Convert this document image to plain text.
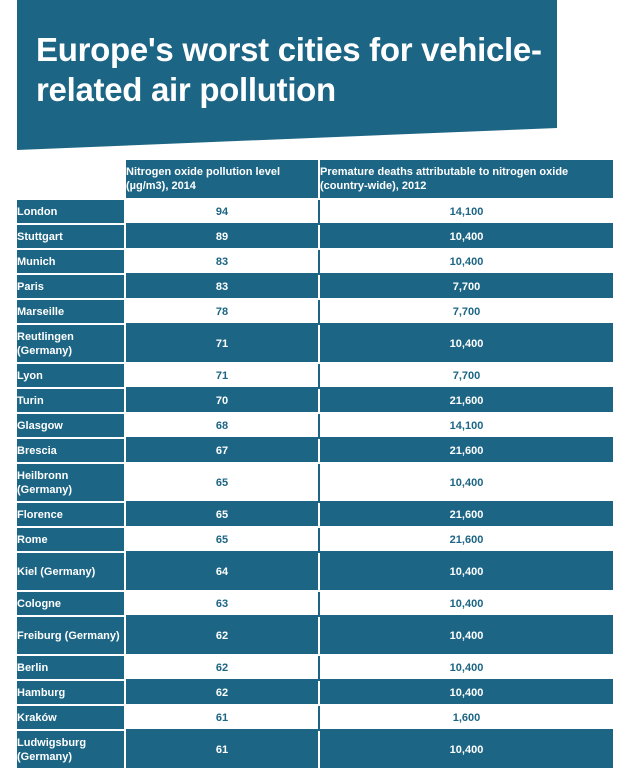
Europe's worst cities for vehicle-related air pollution
	Nitrogen oxide pollution level (µg/m3), 2014	Premature deaths attributable to nitrogen oxide (country-wide), 2012
London	94	14,100
Stuttgart	89	10,400
Munich	83	10,400
Paris	83	7,700
Marseille	78	7,700
Reutlingen (Germany)	71	10,400
Lyon	71	7,700
Turin	70	21,600
Glasgow	68	14,100
Brescia	67	21,600
Heilbronn (Germany)	65	10,400
Florence	65	21,600
Rome	65	21,600
Kiel (Germany)	64	10,400
Cologne	63	10,400
Freiburg (Germany)	62	10,400
Berlin	62	10,400
Hamburg	62	10,400
Kraków	61	1,600
Ludwigsburg (Germany)	61	10,400
